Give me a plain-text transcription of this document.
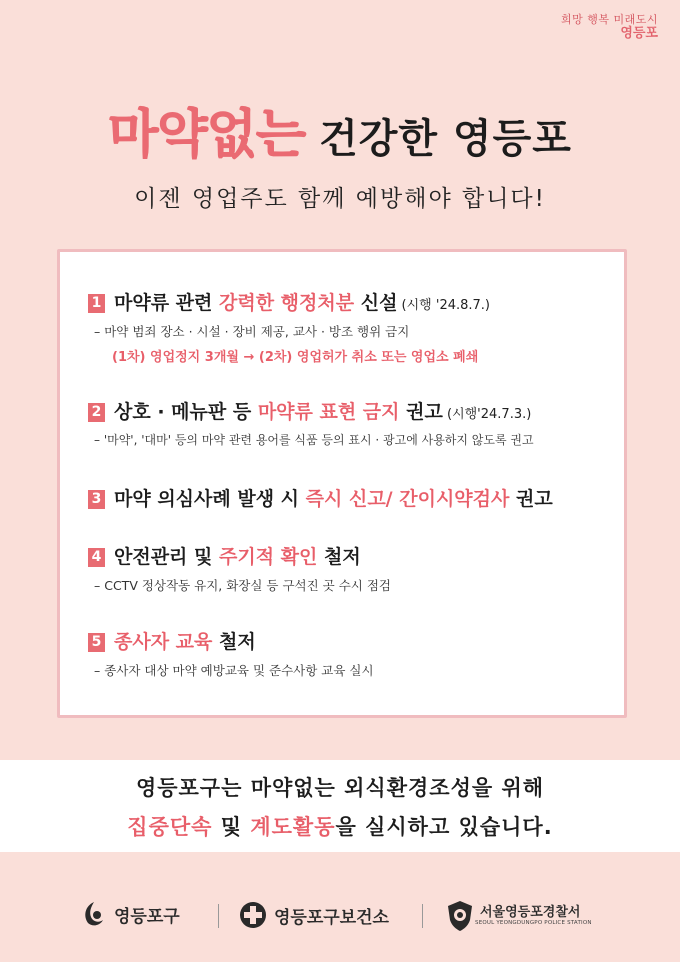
희망 행복 미래도시
영등포
마약없는 건강한 영등포
이젠 영업주도 함께 예방해야 합니다!
1 마약류 관련 강력한 행정처분 신설 (시행 '24.8.7.)
– 마약 범죄 장소 · 시설 · 장비 제공, 교사 · 방조 행위 금지
(1차) 영업정지 3개월 → (2차) 영업허가 취소 또는 영업소 폐쇄
2 상호 · 메뉴판 등 마약류 표현 금지 권고 (시행'24.7.3.)
– '마약', '대마' 등의 마약 관련 용어를 식품 등의 표시 · 광고에 사용하지 않도록 권고
3 마약 의심사례 발생 시 즉시 신고/ 간이시약검사 권고
4 안전관리 및 주기적 확인 철저
– CCTV 정상작동 유지, 화장실 등 구석진 곳 수시 점검
5 종사자 교육 철저
– 종사자 대상 마약 예방교육 및 준수사항 교육 실시
영등포구는 마약없는 외식환경조성을 위해
집중단속 및 계도활동을 실시하고 있습니다.
영등포구	영등포구보건소	서울영등포경찰서
SEOUL YEONGDUNGPO POLICE STATION
